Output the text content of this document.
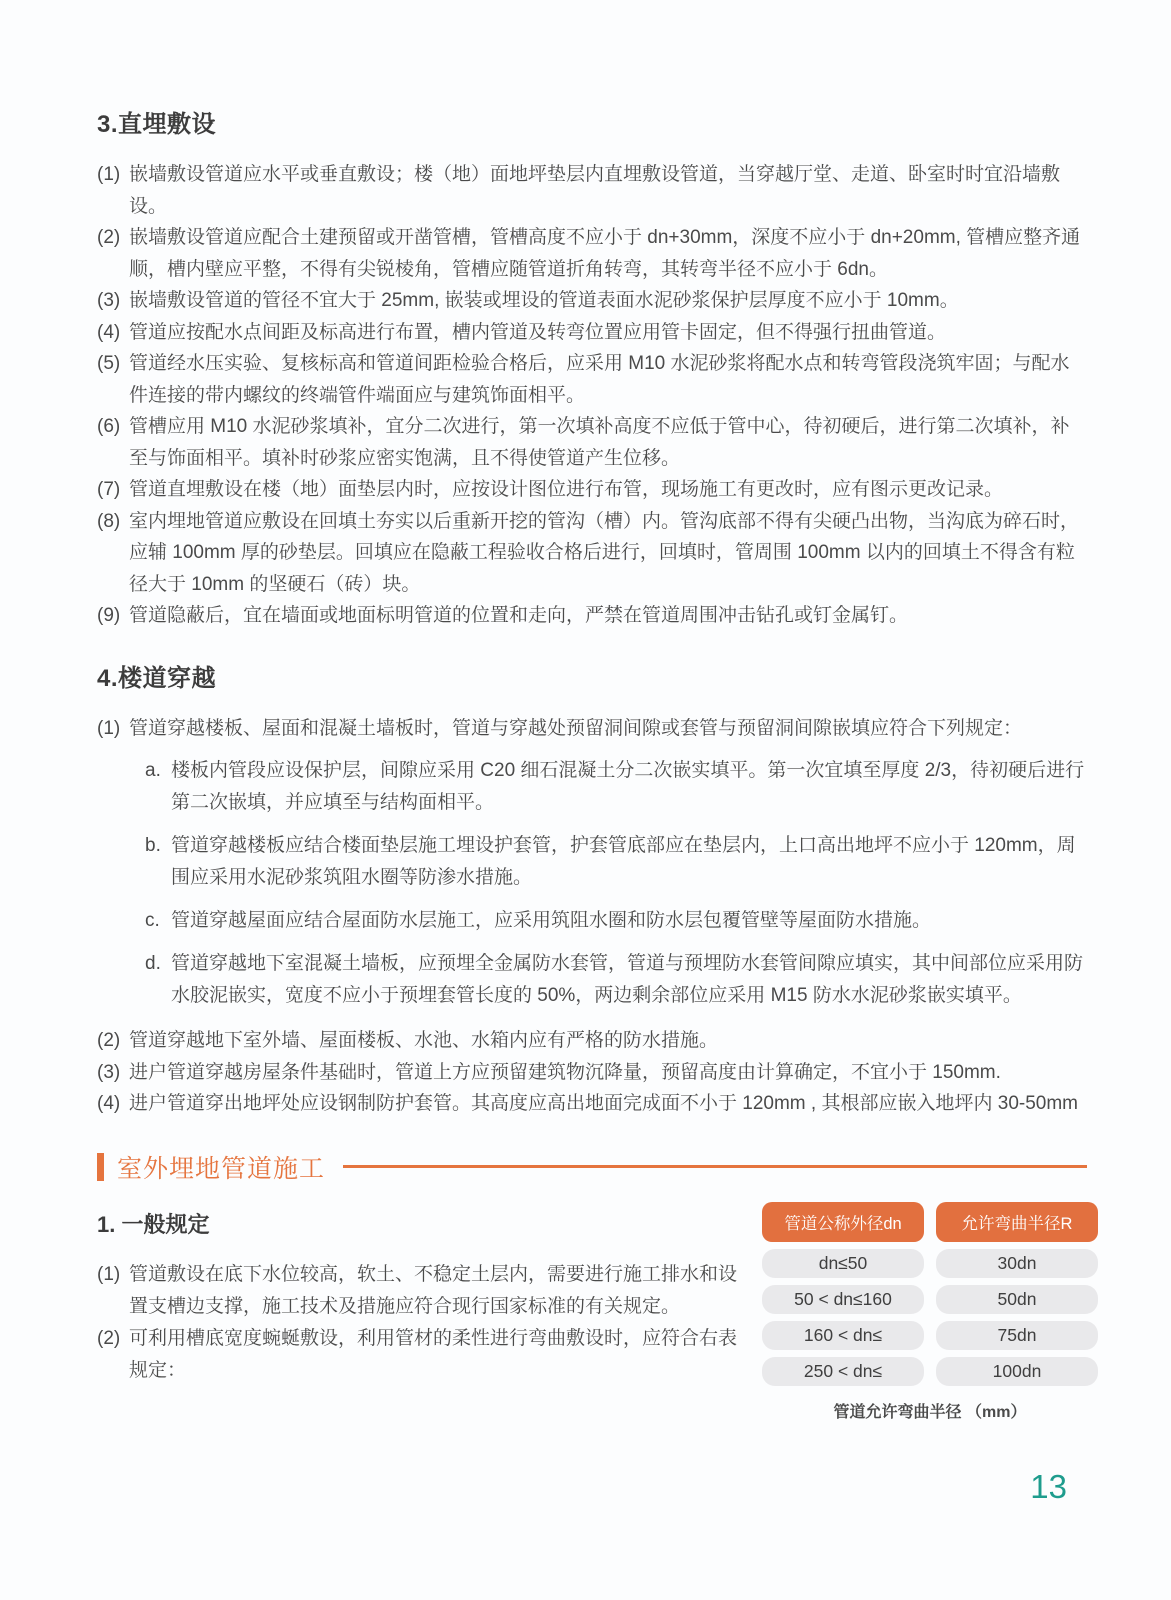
3.直埋敷设
(1) 嵌墙敷设管道应水平或垂直敷设；楼（地）面地坪垫层内直埋敷设管道，当穿越厅堂、走道、卧室时时宜沿墙敷设。
(2) 嵌墙敷设管道应配合土建预留或开凿管槽，管槽高度不应小于 dn+30mm，深度不应小于 dn+20mm, 管槽应整齐通顺，槽内壁应平整，不得有尖锐棱角，管槽应随管道折角转弯，其转弯半径不应小于 6dn。
(3) 嵌墙敷设管道的管径不宜大于 25mm, 嵌装或埋设的管道表面水泥砂浆保护层厚度不应小于 10mm。
(4) 管道应按配水点间距及标高进行布置，槽内管道及转弯位置应用管卡固定，但不得强行扭曲管道。
(5) 管道经水压实验、复核标高和管道间距检验合格后，应采用 M10 水泥砂浆将配水点和转弯管段浇筑牢固；与配水件连接的带内螺纹的终端管件端面应与建筑饰面相平。
(6) 管槽应用 M10 水泥砂浆填补，宜分二次进行，第一次填补高度不应低于管中心，待初硬后，进行第二次填补，补至与饰面相平。填补时砂浆应密实饱满，且不得使管道产生位移。
(7) 管道直埋敷设在楼（地）面垫层内时，应按设计图位进行布管，现场施工有更改时，应有图示更改记录。
(8) 室内埋地管道应敷设在回填土夯实以后重新开挖的管沟（槽）内。管沟底部不得有尖硬凸出物，当沟底为碎石时，应辅 100mm 厚的砂垫层。回填应在隐蔽工程验收合格后进行，回填时，管周围 100mm 以内的回填土不得含有粒径大于 10mm 的坚硬石（砖）块。
(9) 管道隐蔽后，宜在墙面或地面标明管道的位置和走向，严禁在管道周围冲击钻孔或钉金属钉。
4.楼道穿越
(1) 管道穿越楼板、屋面和混凝土墙板时，管道与穿越处预留洞间隙或套管与预留洞间隙嵌填应符合下列规定：
a. 楼板内管段应设保护层，间隙应采用 C20 细石混凝土分二次嵌实填平。第一次宜填至厚度 2/3，待初硬后进行第二次嵌填，并应填至与结构面相平。
b. 管道穿越楼板应结合楼面垫层施工埋设护套管，护套管底部应在垫层内，上口高出地坪不应小于 120mm，周围应采用水泥砂浆筑阻水圈等防渗水措施。
c. 管道穿越屋面应结合屋面防水层施工，应采用筑阻水圈和防水层包覆管壁等屋面防水措施。
d. 管道穿越地下室混凝土墙板，应预埋全金属防水套管，管道与预埋防水套管间隙应填实，其中间部位应采用防水胶泥嵌实，宽度不应小于预埋套管长度的 50%，两边剩余部位应采用 M15 防水水泥砂浆嵌实填平。
(2) 管道穿越地下室外墙、屋面楼板、水池、水箱内应有严格的防水措施。
(3) 进户管道穿越房屋条件基础时，管道上方应预留建筑物沉降量，预留高度由计算确定，不宜小于 150mm.
(4) 进户管道穿出地坪处应设钢制防护套管。其高度应高出地面完成面不小于 120mm , 其根部应嵌入地坪内 30-50mm
室外埋地管道施工
1. 一般规定
(1) 管道敷设在底下水位较高，软土、不稳定土层内，需要进行施工排水和设置支槽边支撑，施工技术及措施应符合现行国家标准的有关规定。
(2) 可利用槽底宽度蜿蜒敷设，利用管材的柔性进行弯曲敷设时，应符合右表规定：
管道公称外径dn	允许弯曲半径R
dn≤50	30dn
50 < dn≤160	50dn
160 < dn≤	75dn
250 < dn≤	100dn
管道允许弯曲半径 （mm）
13
